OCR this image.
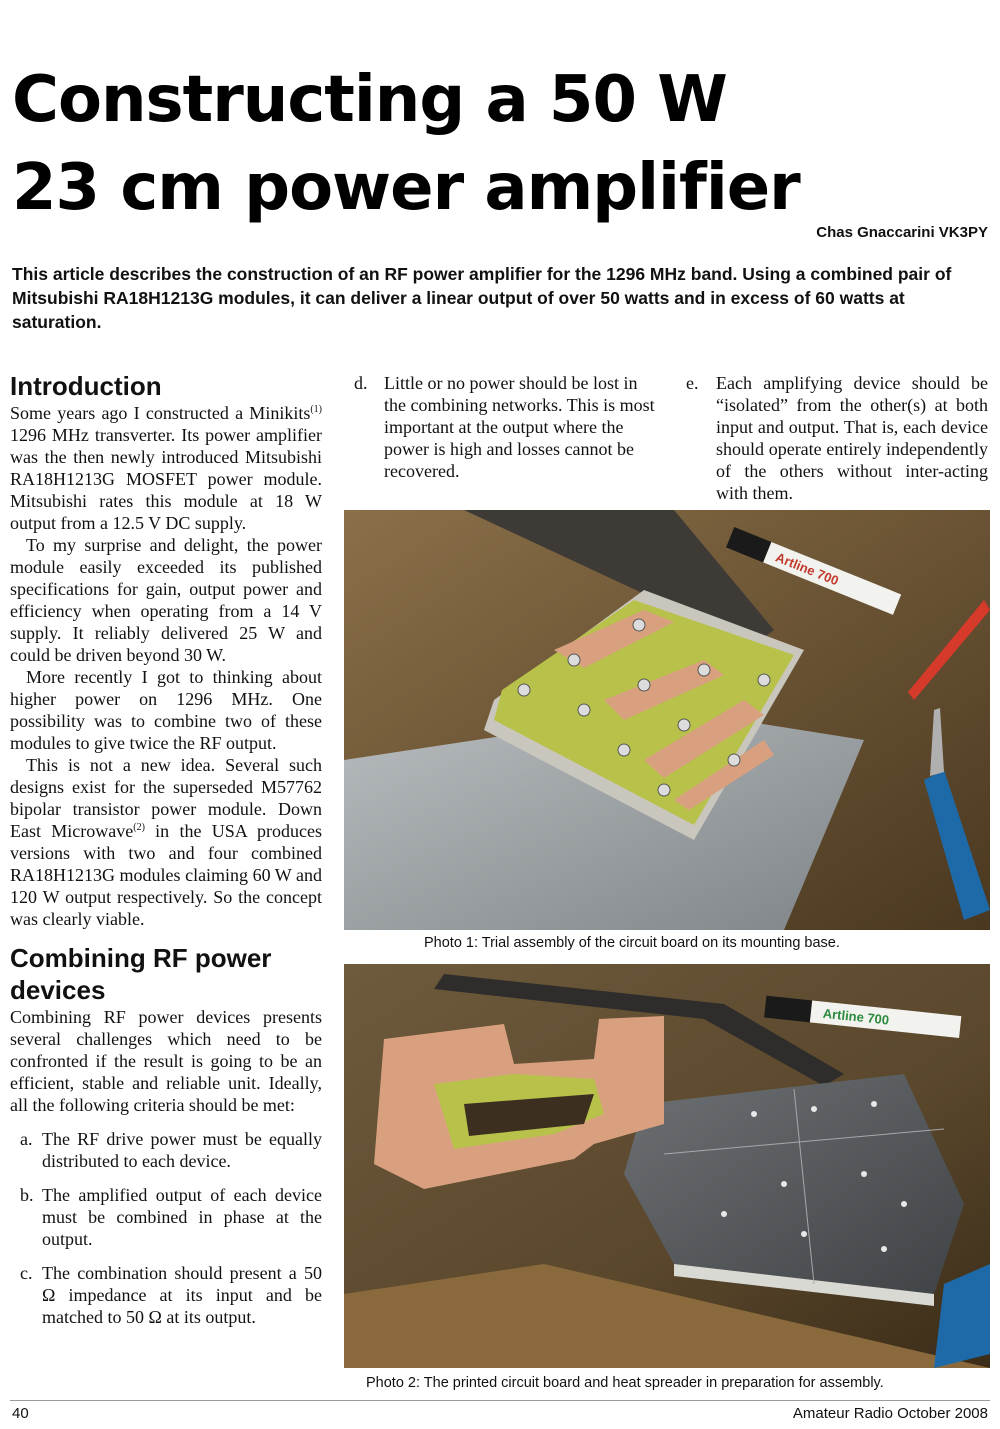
Constructing a 50 W
23 cm power amplifier
Chas Gnaccarini VK3PY
This article describes the construction of an RF power amplifier for the 1296 MHz band. Using a combined pair of Mitsubishi RA18H1213G modules, it can deliver a linear output of over 50 watts and in excess of 60 watts at saturation.
Introduction

Some years ago I constructed a Minikits$^{(1)}$ 1296 MHz transverter. Its power amplifier was the then newly introduced Mitsubishi RA18H1213G MOSFET power module. Mitsubishi rates this module at 18 W output from a 12.5 V DC supply.

To my surprise and delight, the power module easily exceeded its published specifications for gain, output power and efficiency when operating from a 14 V supply. It reliably delivered 25 W and could be driven beyond 30 W.

More recently I got to thinking about higher power on 1296 MHz. One possibility was to combine two of these modules to give twice the RF output.

This is not a new idea. Several such designs exist for the superseded M57762 bipolar transistor power module. Down East Microwave$^{(2)}$ in the USA produces versions with two and four combined RA18H1213G modules claiming 60 W and 120 W output respectively. So the concept was clearly viable.

Combining RF power
devices

Combining RF power devices presents several challenges which need to be confronted if the result is going to be an efficient, stable and reliable unit. Ideally, all the following criteria should be met:

a. The RF drive power must be equally distributed to each device.
b. The amplified output of each device must be combined in phase at the output.
c. The combination should present a 50 Ω impedance at its input and be matched to 50 Ω at its output.
d. Little or no power should be lost in the combining networks. This is most important at the output where the power is high and losses cannot be recovered.
e. Each amplifying device should be “isolated” from the other(s) at both input and output. That is, each device should operate entirely independently of the others without inter-acting with them.
Artline 700
Photo 1: Trial assembly of the circuit board on its mounting base.
Artline 700
Photo 2: The printed circuit board and heat spreader in preparation for assembly.
40	Amateur Radio October 2008
